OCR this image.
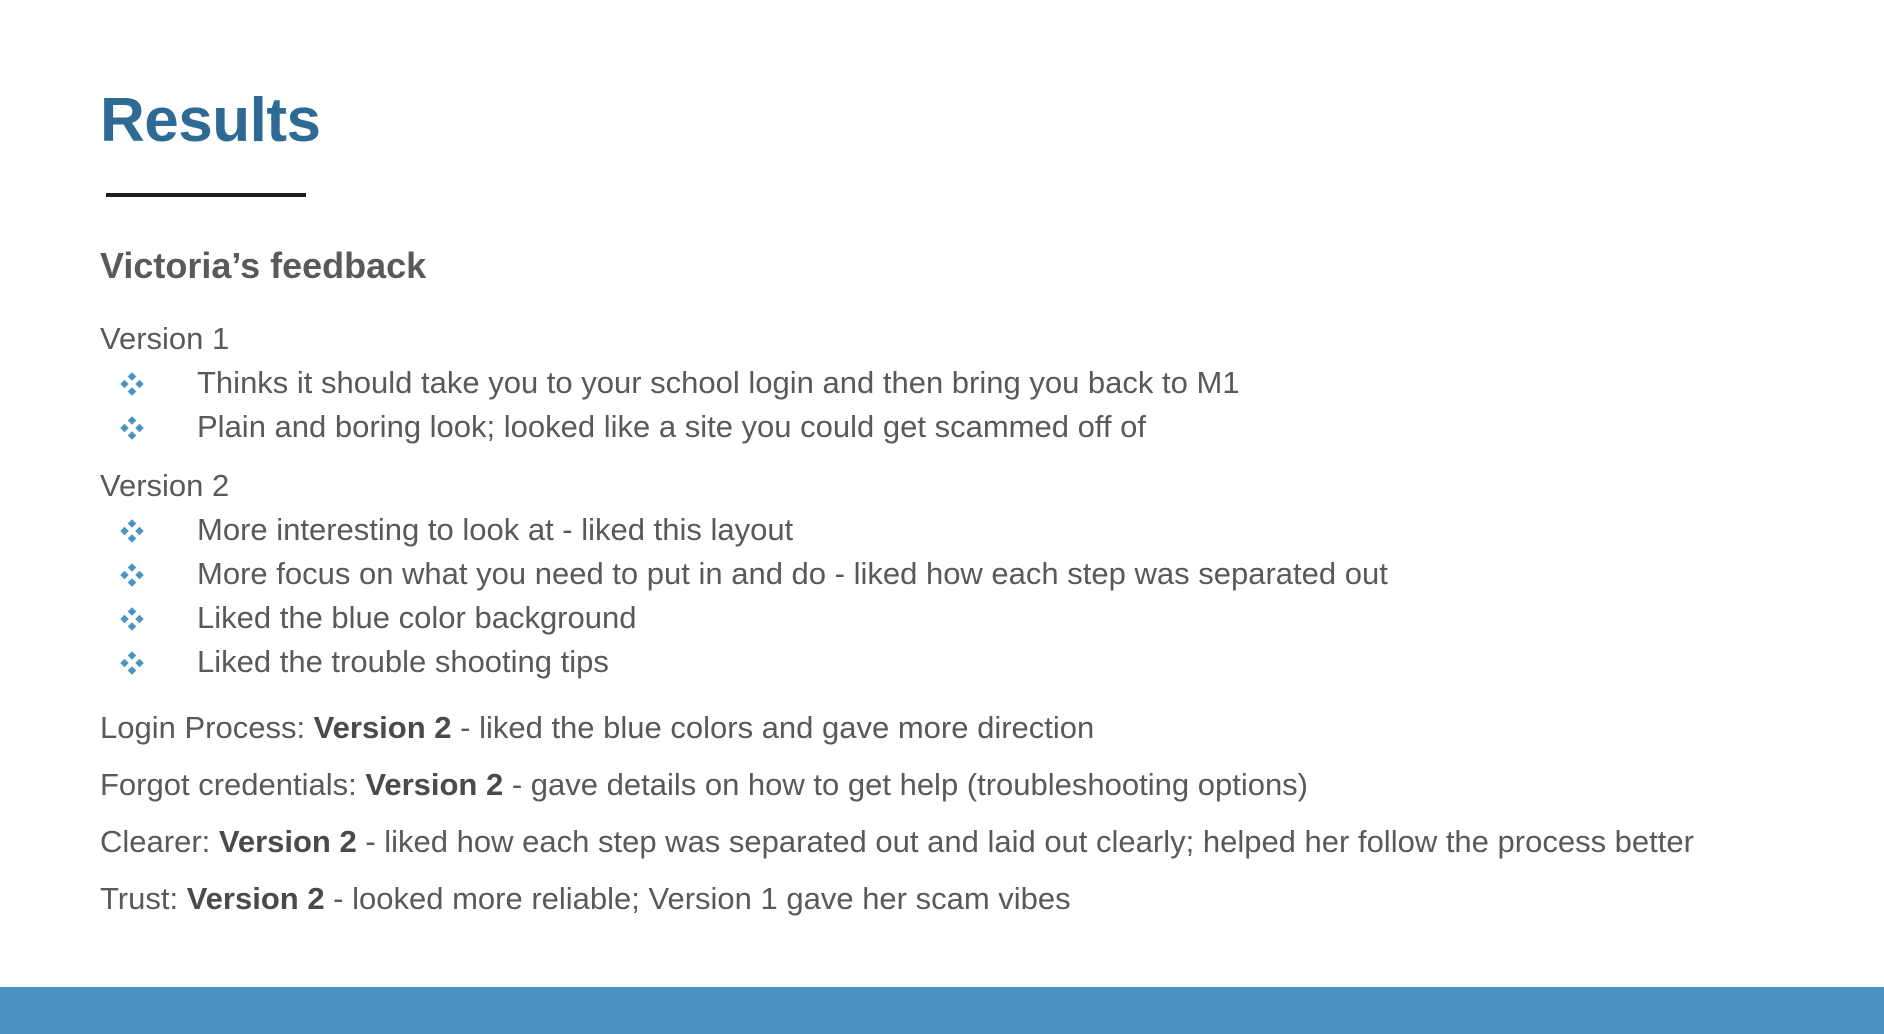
Results
Victoria’s feedback
Version 1
Thinks it should take you to your school login and then bring you back to M1
Plain and boring look; looked like a site you could get scammed off of
Version 2
More interesting to look at - liked this layout
More focus on what you need to put in and do - liked how each step was separated out
Liked the blue color background
Liked the trouble shooting tips
Login Process: Version 2 - liked the blue colors and gave more direction
Forgot credentials: Version 2 - gave details on how to get help (troubleshooting options)
Clearer: Version 2 - liked how each step was separated out and laid out clearly; helped her follow the process better
Trust: Version 2 - looked more reliable; Version 1 gave her scam vibes
